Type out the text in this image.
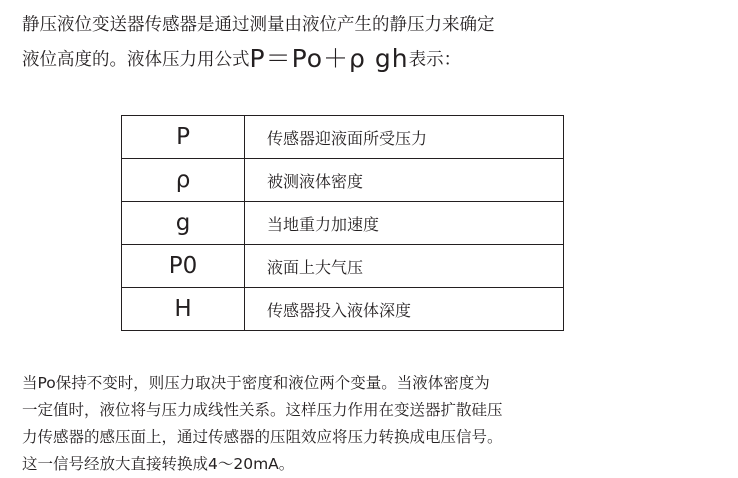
静压液位变送器传感器是通过测量由液位产生的静压力来确定
液位高度的。液体压力用公式P＝Po＋ρ gh表示：
P	传感器迎液面所受压力
ρ	被测液体密度
g	当地重力加速度
P0	液面上大气压
H	传感器投入液体深度

当Po保持不变时，则压力取决于密度和液位两个变量。当液体密度为

一定值时，液位将与压力成线性关系。这样压力作用在变送器扩散硅压

力传感器的感压面上，通过传感器的压阻效应将压力转换成电压信号。

这一信号经放大直接转换成4～20mA。
